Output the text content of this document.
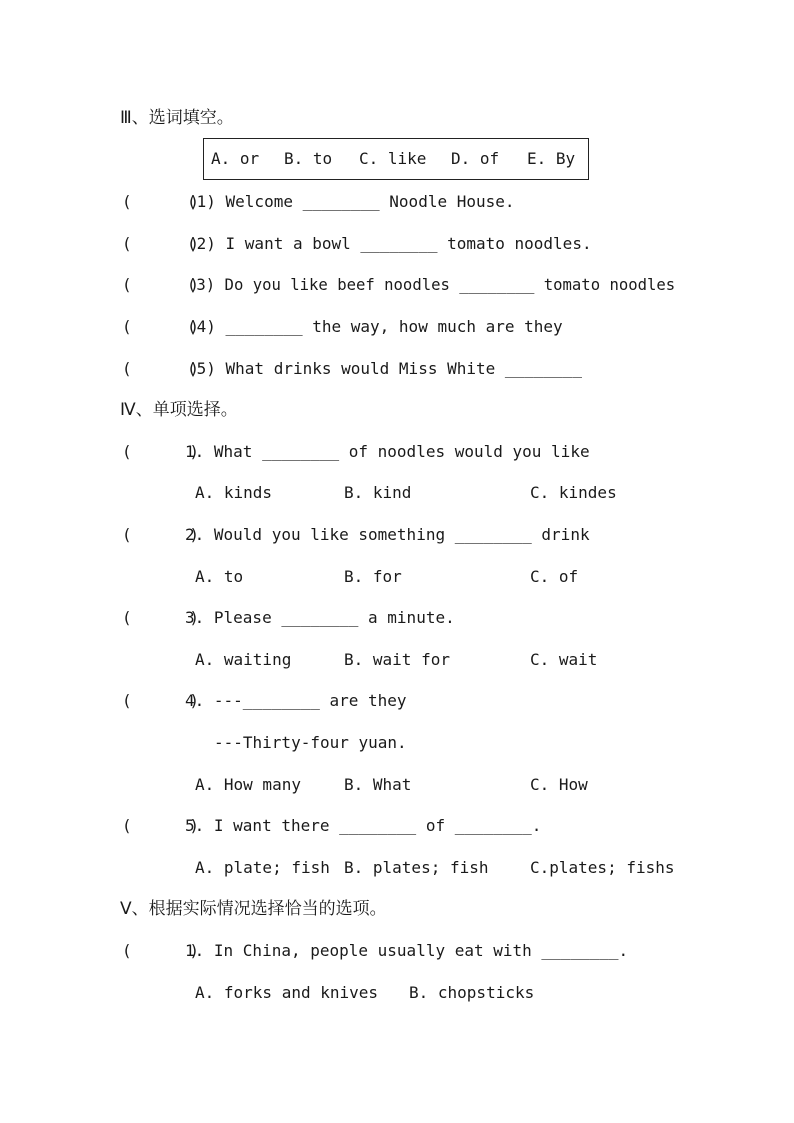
Ⅲ、选词填空。
A. or B. to C. like D. of E. By
(      )
(1) Welcome ________ Noodle House.
(      )
(2) I want a bowl ________ tomato noodles.
(      )
(3) Do you like beef noodles ________ tomato noodles
(      )
(4) ________ the way, how much are they
(      )
(5) What drinks would Miss White ________
Ⅳ、单项选择。
(      )
1. What ________ of noodles would you like
A. kinds	B. kind	C. kindes
(      )
2. Would you like something ________ drink
A. to	B. for	C. of
(      )
3. Please ________ a minute.
A. waiting	B. wait for	C. wait
(      )
4. ---________ are they
---Thirty-four yuan.
A. How many	B. What	C. How
(      )
5. I want there ________ of ________.
A. plate; fish B. plates; fish	C.plates; fishs
Ⅴ、根据实际情况选择恰当的选项。
(      )
1. In China, people usually eat with ________.
A. forks and knives B. chopsticks
